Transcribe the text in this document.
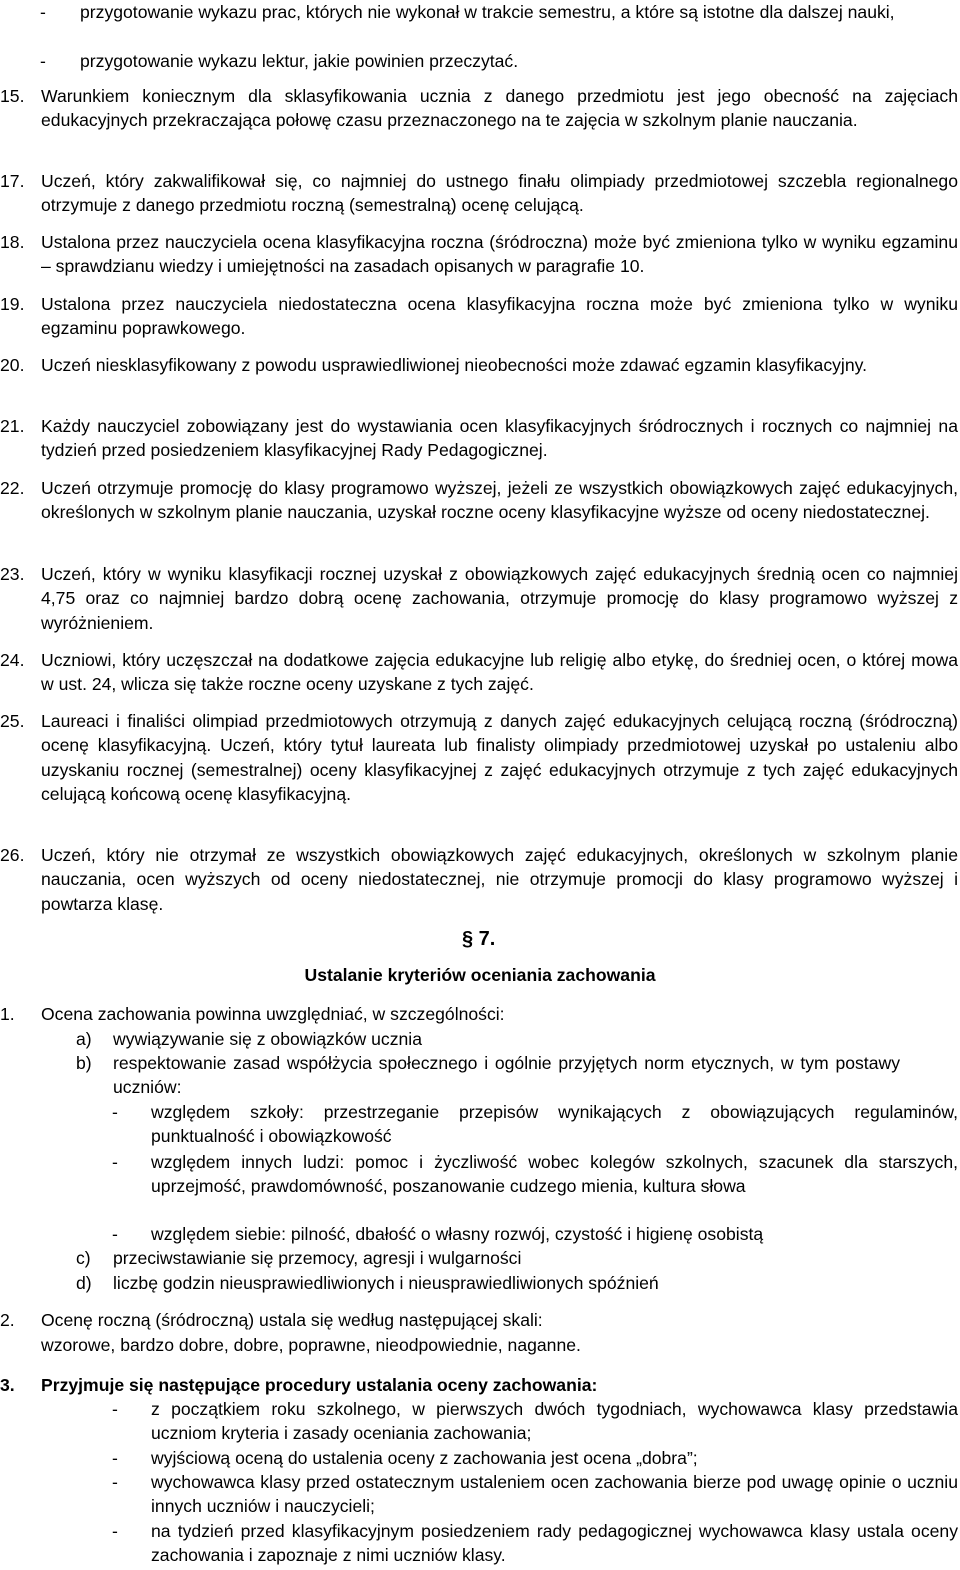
- przygotowanie wykazu prac, których nie wykonał w trakcie semestru, a które są istotne dla dalszej nauki,

- przygotowanie wykazu lektur, jakie powinien przeczytać.

15. Warunkiem koniecznym dla sklasyfikowania ucznia z danego przedmiotu jest jego obecność na zajęciach edukacyjnych przekraczająca połowę czasu przeznaczonego na te zajęcia w szkolnym planie nauczania.

17. Uczeń, który zakwalifikował się, co najmniej do ustnego finału olimpiady przedmiotowej szczebla regionalnego otrzymuje z danego przedmiotu roczną (semestralną) ocenę celującą.

18. Ustalona przez nauczyciela ocena klasyfikacyjna roczna (śródroczna) może być zmieniona tylko w wyniku egzaminu – sprawdzianu wiedzy i umiejętności na zasadach opisanych w paragrafie 10.

19. Ustalona przez nauczyciela niedostateczna ocena klasyfikacyjna roczna może być zmieniona tylko w wyniku egzaminu poprawkowego.

20. Uczeń niesklasyfikowany z powodu usprawiedliwionej nieobecności może zdawać egzamin klasyfikacyjny.

21. Każdy nauczyciel zobowiązany jest do wystawiania ocen klasyfikacyjnych śródrocznych i rocznych co najmniej na tydzień przed posiedzeniem klasyfikacyjnej Rady Pedagogicznej.

22. Uczeń otrzymuje promocję do klasy programowo wyższej, jeżeli ze wszystkich obowiązkowych zajęć edukacyjnych, określonych w szkolnym planie nauczania, uzyskał roczne oceny klasyfikacyjne wyższe od oceny niedostatecznej.

23. Uczeń, który w wyniku klasyfikacji rocznej uzyskał z obowiązkowych zajęć edukacyjnych średnią ocen co najmniej 4,75 oraz co najmniej bardzo dobrą ocenę zachowania, otrzymuje promocję do klasy programowo wyższej z wyróżnieniem.

24. Uczniowi, który uczęszczał na dodatkowe zajęcia edukacyjne lub religię albo etykę, do średniej ocen, o której mowa w ust. 24, wlicza się także roczne oceny uzyskane z tych zajęć.

25. Laureaci i finaliści olimpiad przedmiotowych otrzymują z danych zajęć edukacyjnych celującą roczną (śródroczną) ocenę klasyfikacyjną. Uczeń, który tytuł laureata lub finalisty olimpiady przedmiotowej uzyskał po ustaleniu albo uzyskaniu rocznej (semestralnej) oceny klasyfikacyjnej z zajęć edukacyjnych otrzymuje z tych zajęć edukacyjnych celującą końcową ocenę klasyfikacyjną.

26. Uczeń, który nie otrzymał ze wszystkich obowiązkowych zajęć edukacyjnych, określonych w szkolnym planie nauczania, ocen wyższych od oceny niedostatecznej, nie otrzymuje promocji do klasy programowo wyższej i powtarza klasę.

§ 7.
Ustalanie kryteriów oceniania zachowania
1. Ocena zachowania powinna uwzględniać, w szczególności:

a) wywiązywanie się z obowiązków ucznia

b) respektowanie zasad współżycia społecznego i ogólnie przyjętych norm etycznych, w tym postawy uczniów:

- względem szkoły: przestrzeganie przepisów wynikających z obowiązujących regulaminów, punktualność i obowiązkowość

- względem innych ludzi: pomoc i życzliwość wobec kolegów szkolnych, szacunek dla starszych, uprzejmość, prawdomówność, poszanowanie cudzego mienia, kultura słowa

- względem siebie: pilność, dbałość o własny rozwój, czystość i higienę osobistą

c) przeciwstawianie się przemocy, agresji i wulgarności

d) liczbę godzin nieusprawiedliwionych i nieusprawiedliwionych spóźnień

2. Ocenę roczną (śródroczną) ustala się według następującej skali:

wzorowe, bardzo dobre, dobre, poprawne, nieodpowiednie, naganne.

3. Przyjmuje się następujące procedury ustalania oceny zachowania:

- z początkiem roku szkolnego, w pierwszych dwóch tygodniach, wychowawca klasy przedstawia uczniom kryteria i zasady oceniania zachowania;

- wyjściową oceną do ustalenia oceny z zachowania jest ocena „dobra”;

- wychowawca klasy przed ostatecznym ustaleniem ocen zachowania bierze pod uwagę opinie o uczniu innych uczniów i nauczycieli;

- na tydzień przed klasyfikacyjnym posiedzeniem rady pedagogicznej wychowawca klasy ustala oceny zachowania i zapoznaje z nimi uczniów klasy.
